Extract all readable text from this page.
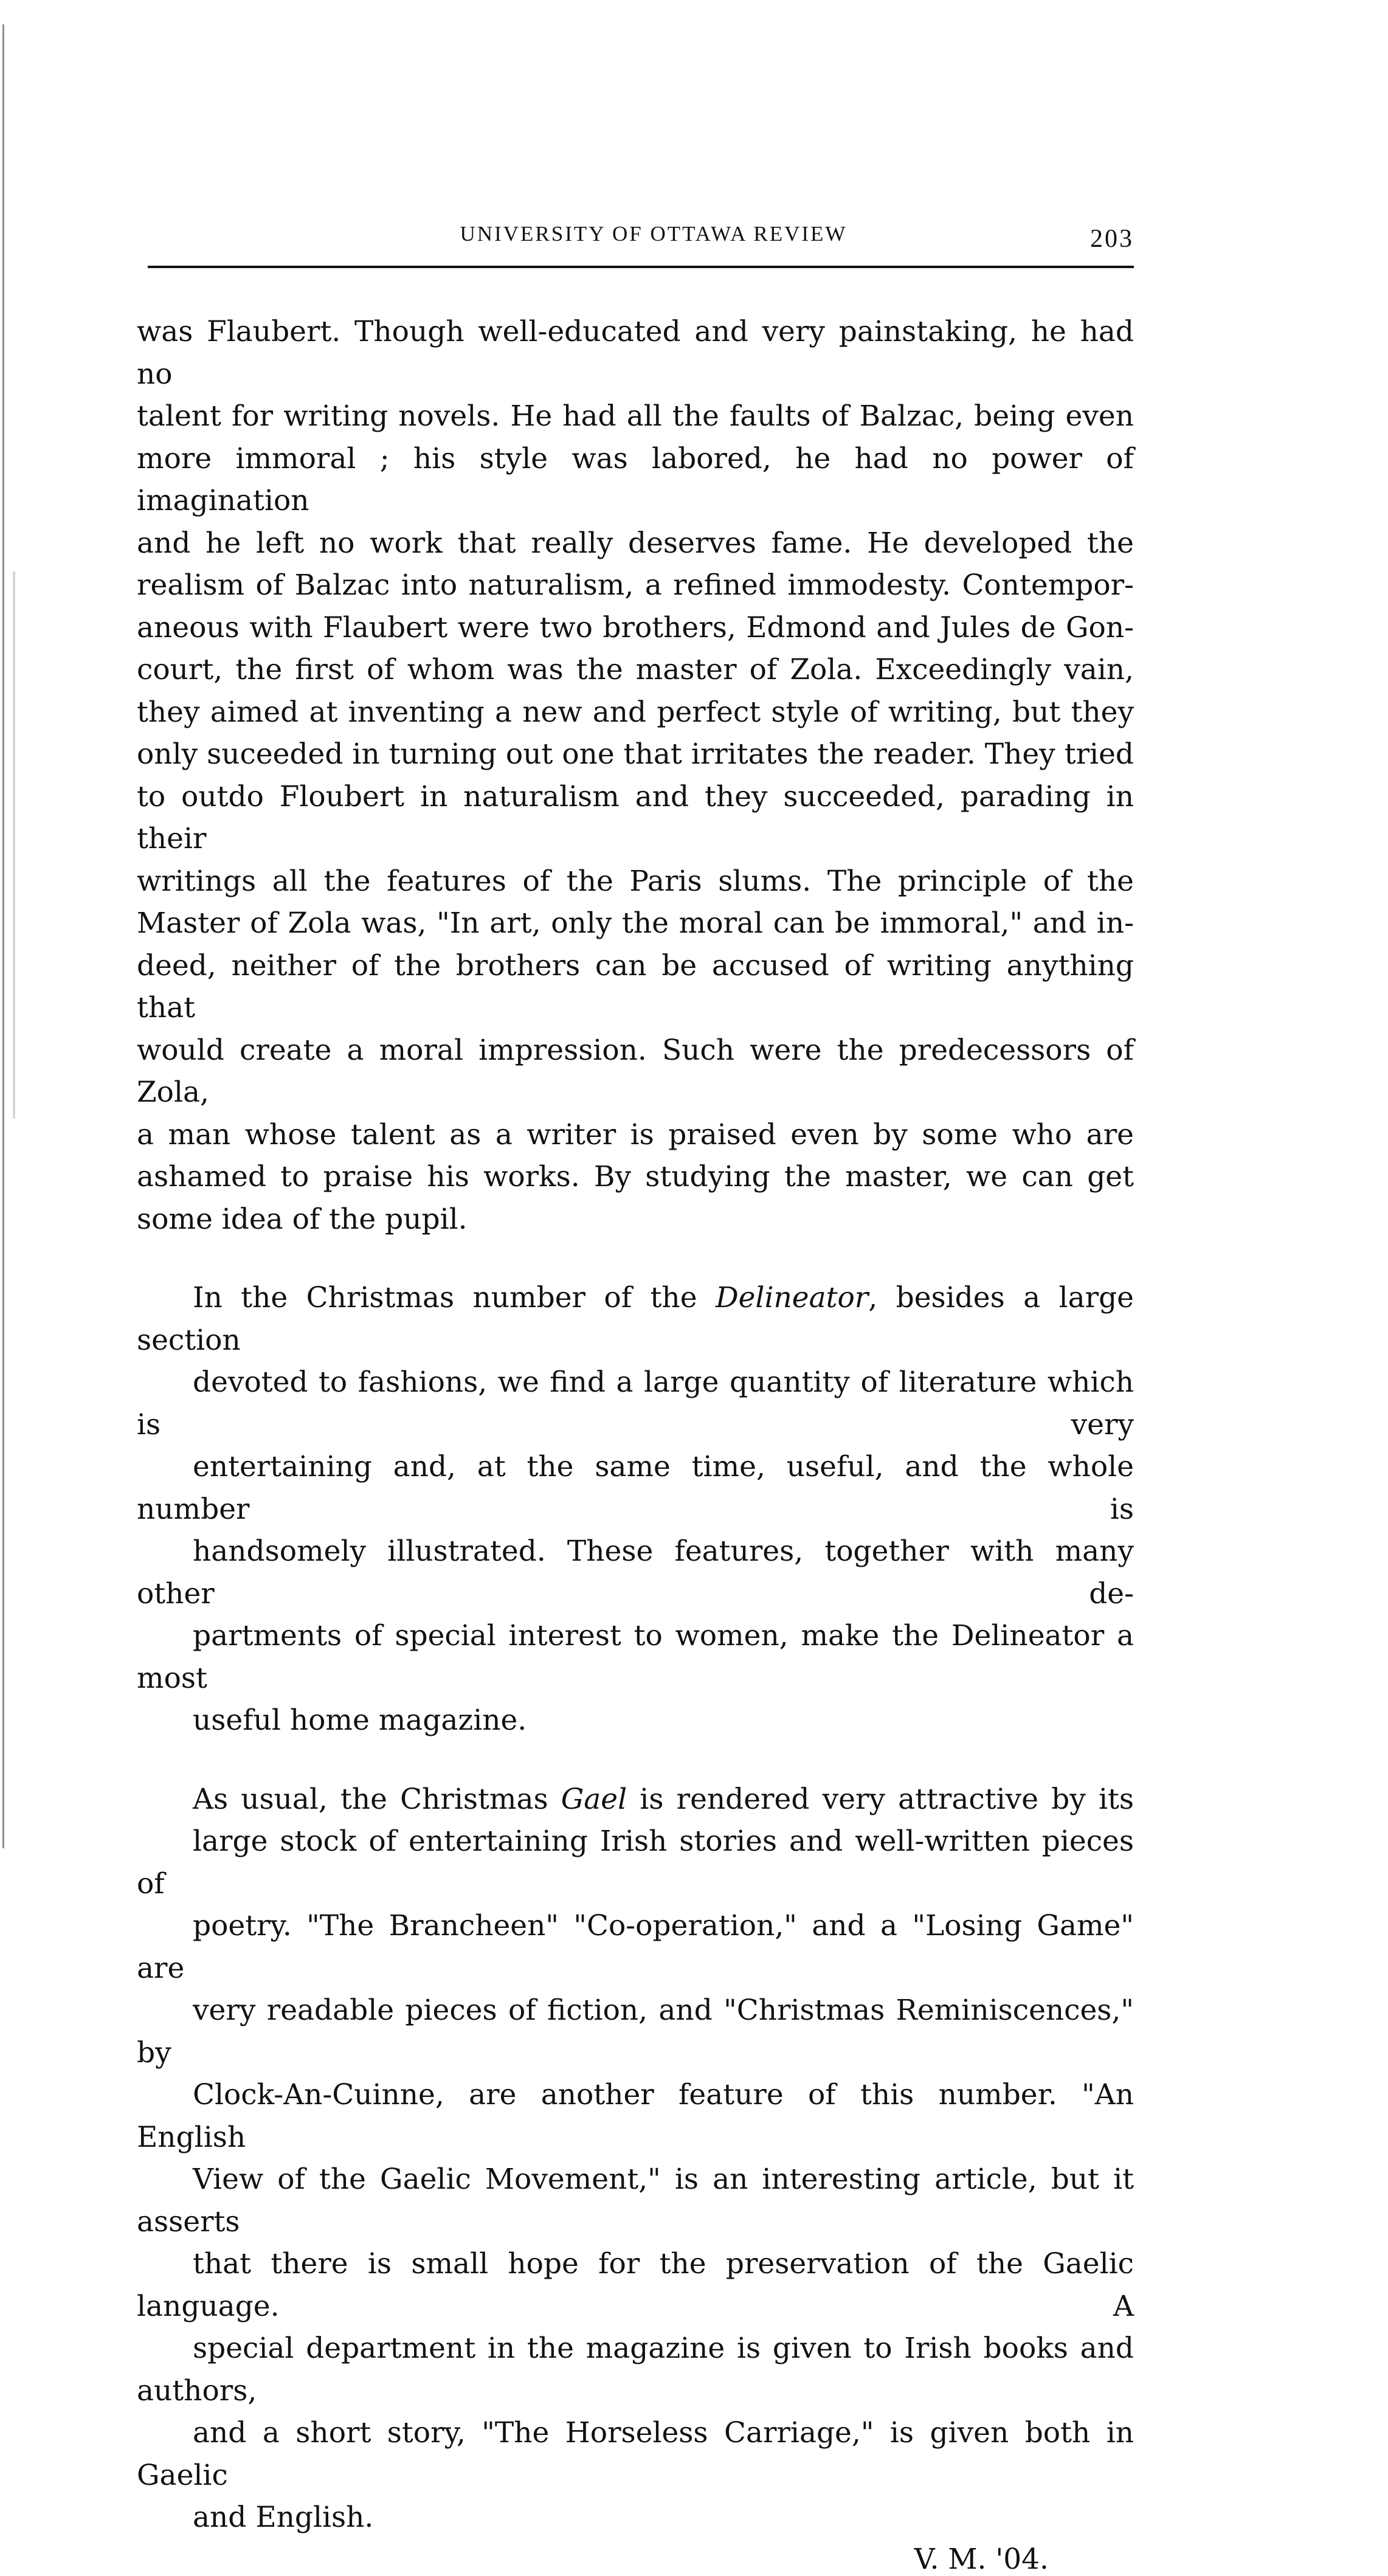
UNIVERSITY OF OTTAWA REVIEW	203

was Flaubert. Though well-educated and very painstaking, he had no
talent for writing novels. He had all the faults of Balzac, being even
more immoral ; his style was labored, he had no power of imagination
and he left no work that really deserves fame. He developed the
realism of Balzac into naturalism, a refined immodesty. Contempor-
aneous with Flaubert were two brothers, Edmond and Jules de Gon-
court, the first of whom was the master of Zola. Exceedingly vain,
they aimed at inventing a new and perfect style of writing, but they
only suceeded in turning out one that irritates the reader. They tried
to outdo Floubert in naturalism and they succeeded, parading in their
writings all the features of the Paris slums. The principle of the
Master of Zola was, "In art, only the moral can be immoral," and in-
deed, neither of the brothers can be accused of writing anything that
would create a moral impression. Such were the predecessors of Zola,
a man whose talent as a writer is praised even by some who are
ashamed to praise his works. By studying the master, we can get
some idea of the pupil.

In the Christmas number of the Delineator, besides a large section
devoted to fashions, we find a large quantity of literature which is very
entertaining and, at the same time, useful, and the whole number is
handsomely illustrated. These features, together with many other de-
partments of special interest to women, make the Delineator a most
useful home magazine.

As usual, the Christmas Gael is rendered very attractive by its
large stock of entertaining Irish stories and well-written pieces of
poetry. "The Brancheen" "Co-operation," and a "Losing Game" are
very readable pieces of fiction, and "Christmas Reminiscences," by
Clock-An-Cuinne, are another feature of this number. "An English
View of the Gaelic Movement," is an interesting article, but it asserts
that there is small hope for the preservation of the Gaelic language. A
special department in the magazine is given to Irish books and authors,
and a short story, "The Horseless Carriage," is given both in Gaelic
and English.

V. M. '04.
